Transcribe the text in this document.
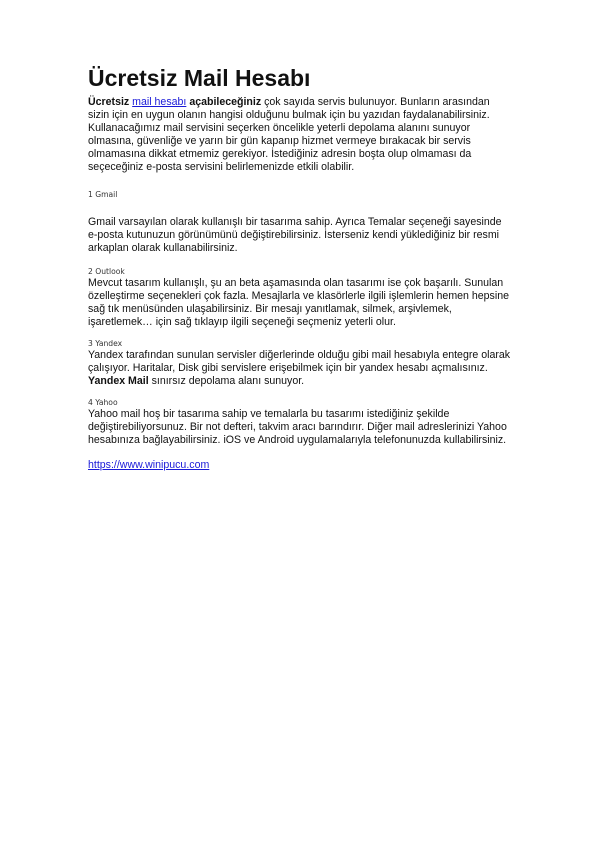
Ücretsiz Mail Hesabı

Ücretsiz mail hesabı açabileceğiniz çok sayıda servis bulunuyor. Bunların arasından sizin için en uygun olanın hangisi olduğunu bulmak için bu yazıdan faydalanabilirsiniz. Kullanacağımız mail servisini seçerken öncelikle yeterli depolama alanını sunuyor olmasına, güvenliğe ve yarın bir gün kapanıp hizmet vermeye bırakacak bir servis olmamasına dikkat etmemiz gerekiyor. İstediğiniz adresin boşta olup olmaması da seçeceğiniz e-posta servisini belirlemenizde etkili olabilir.

1 Gmail

Gmail varsayılan olarak kullanışlı bir tasarıma sahip. Ayrıca Temalar seçeneği sayesinde e-posta kutunuzun görünümünü değiştirebilirsiniz. İsterseniz kendi yüklediğiniz bir resmi arkaplan olarak kullanabilirsiniz.

2 Outlook

Mevcut tasarım kullanışlı, şu an beta aşamasında olan tasarımı ise çok başarılı. Sunulan özelleştirme seçenekleri çok fazla. Mesajlarla ve klasörlerle ilgili işlemlerin hemen hepsine sağ tık menüsünden ulaşabilirsiniz. Bir mesajı yanıtlamak, silmek, arşivlemek, işaretlemek… için sağ tıklayıp ilgili seçeneği seçmeniz yeterli olur.

3 Yandex

Yandex tarafından sunulan servisler diğerlerinde olduğu gibi mail hesabıyla entegre olarak çalışıyor. Haritalar, Disk gibi servislere erişebilmek için bir yandex hesabı açmalısınız. Yandex Mail sınırsız depolama alanı sunuyor.

4 Yahoo

Yahoo mail hoş bir tasarıma sahip ve temalarla bu tasarımı istediğiniz şekilde değiştirebiliyorsunuz. Bir not defteri, takvim aracı barındırır. Diğer mail adreslerinizi Yahoo hesabınıza bağlayabilirsiniz. iOS ve Android uygulamalarıyla telefonunuzda kullabilirsiniz.

https://www.winipucu.com
